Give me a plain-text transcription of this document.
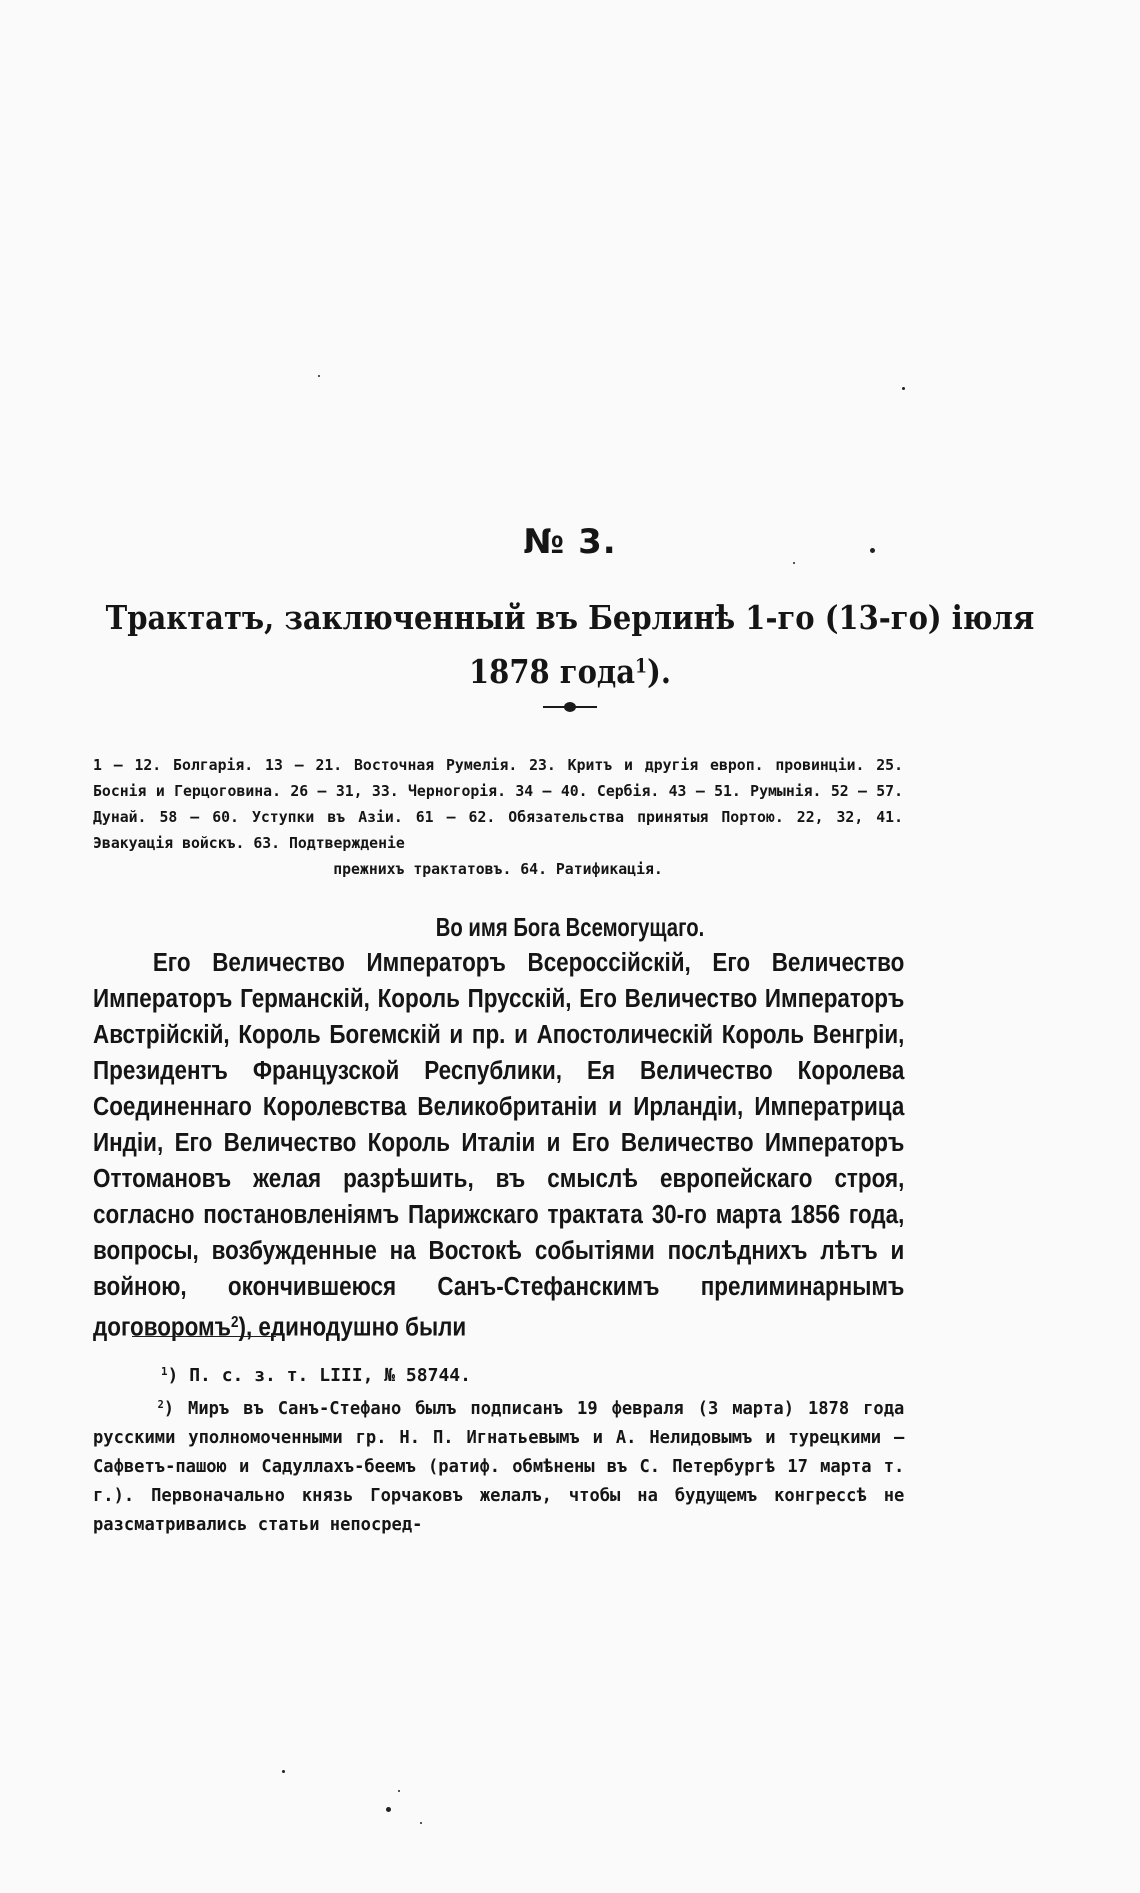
№ 3.
Трактатъ, заключенный въ Берлинѣ 1-го (13-го) іюля
1878 года$^1$).
1 — 12. Болгарія. 13 — 21. Восточная Румелія. 23. Критъ и другія европ. провинціи. 25. Боснія и Герцоговина. 26 — 31, 33. Черногорія. 34 — 40. Сербія. 43 — 51. Румынія. 52 — 57. Дунай. 58 — 60. Уступки въ Азіи. 61 — 62. Обязательства принятыя Портою. 22, 32, 41. Эвакуація войскъ. 63. Подтвержденіе
прежнихъ трактатовъ. 64. Ратификація.
Во имя Бога Всемогущаго.
Его Величество Императоръ Всероссійскій, Его Величество Императоръ Германскій, Король Прусскій, Его Величество Императоръ Австрійскій, Король Богемскій и пр. и Апостолическій Король Венгріи, Президентъ Французской Республики, Ея Величество Королева Соединеннаго Королевства Великобританіи и Ирландіи, Императрица Индіи, Его Величество Король Италіи и Его Величество Императоръ Оттомановъ желая разрѣшить, въ смыслѣ европейскаго строя, согласно постановленіямъ Парижскаго трактата 30-го марта 1856 года, вопросы, возбужденные на Востокѣ событіями послѣднихъ лѣтъ и войною, окончившеюся Санъ-Стефанскимъ прелиминарнымъ договоромъ$^2$), единодушно были
$^1$) П. с. з. т. LIII, № 58744.
$^2$) Миръ въ Санъ-Стефано былъ подписанъ 19 февраля (3 марта) 1878 года русскими уполномоченными гр. Н. П. Игнатьевымъ и А. Нелидовымъ и турецкими — Сафветъ-пашою и Садуллахъ-беемъ (ратиф. обмѣнены въ С. Петербургѣ 17 марта т. г.). Первоначально князь Горчаковъ желалъ, чтобы на будущемъ конгрессѣ не разсматривались статьи непосред-
